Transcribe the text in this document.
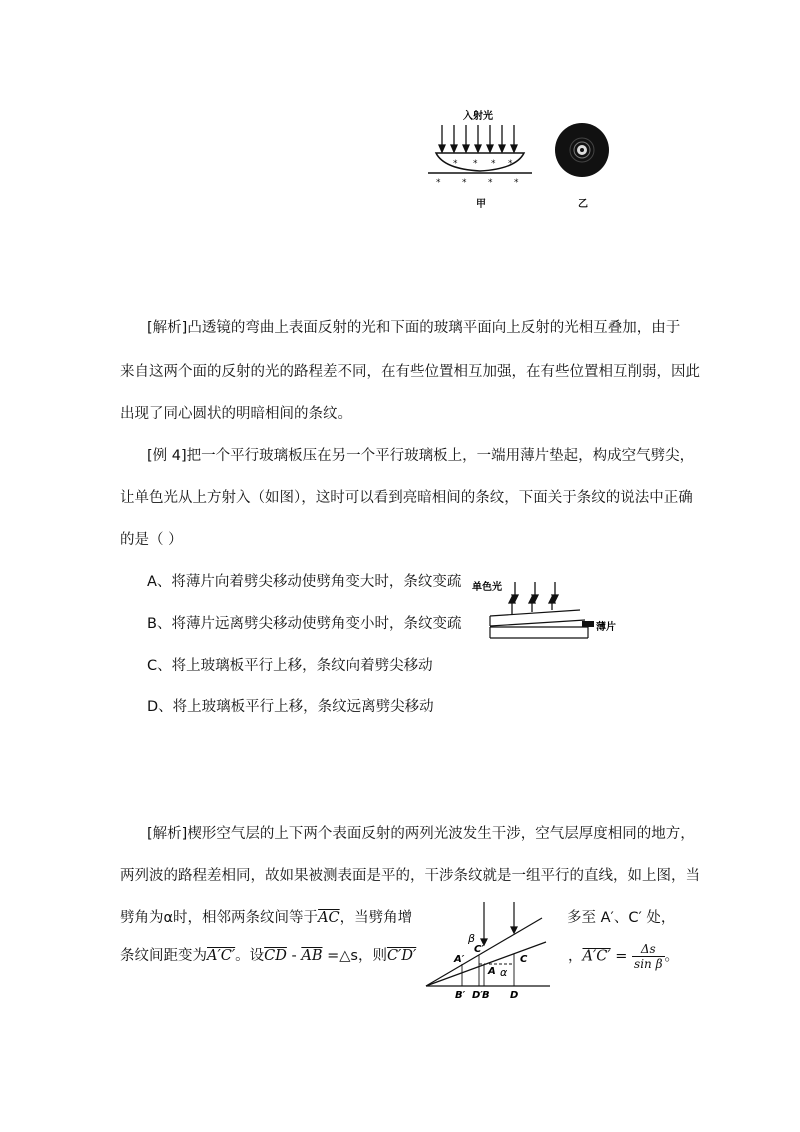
入射光
* * * *
* * * *
甲	乙
[解析]凸透镜的弯曲上表面反射的光和下面的玻璃平面向上反射的光相互叠加，由于
来自这两个面的反射的光的路程差不同，在有些位置相互加强，在有些位置相互削弱，因此
出现了同心圆状的明暗相间的条纹。
[例 4]把一个平行玻璃板压在另一个平行玻璃板上，一端用薄片垫起，构成空气劈尖，
让单色光从上方射入（如图），这时可以看到亮暗相间的条纹，下面关于条纹的说法中正确
的是（ ）
A、将薄片向着劈尖移动使劈角变大时，条纹变疏
B、将薄片远离劈尖移动使劈角变小时，条纹变疏
C、将上玻璃板平行上移，条纹向着劈尖移动
D、将上玻璃板平行上移，条纹远离劈尖移动
单色光
薄片
[解析]楔形空气层的上下两个表面反射的两列光波发生干涉，空气层厚度相同的地方，
两列波的路程差相同，故如果被测表面是平的，干涉条纹就是一组平行的直线，如上图，当
劈角为α时，相邻两条纹间等于$\overline{AC}$，当劈角增	多至 A′、C′ 处，
条纹间距变为A′C′。设$\overline{CD} - \overline{AB}$ =△s，则C′D′	，$A'C' = \frac{\Delta s}{\text{sin β}}$ 。
β
C′
A′
A α
C
B′ D′ B D
